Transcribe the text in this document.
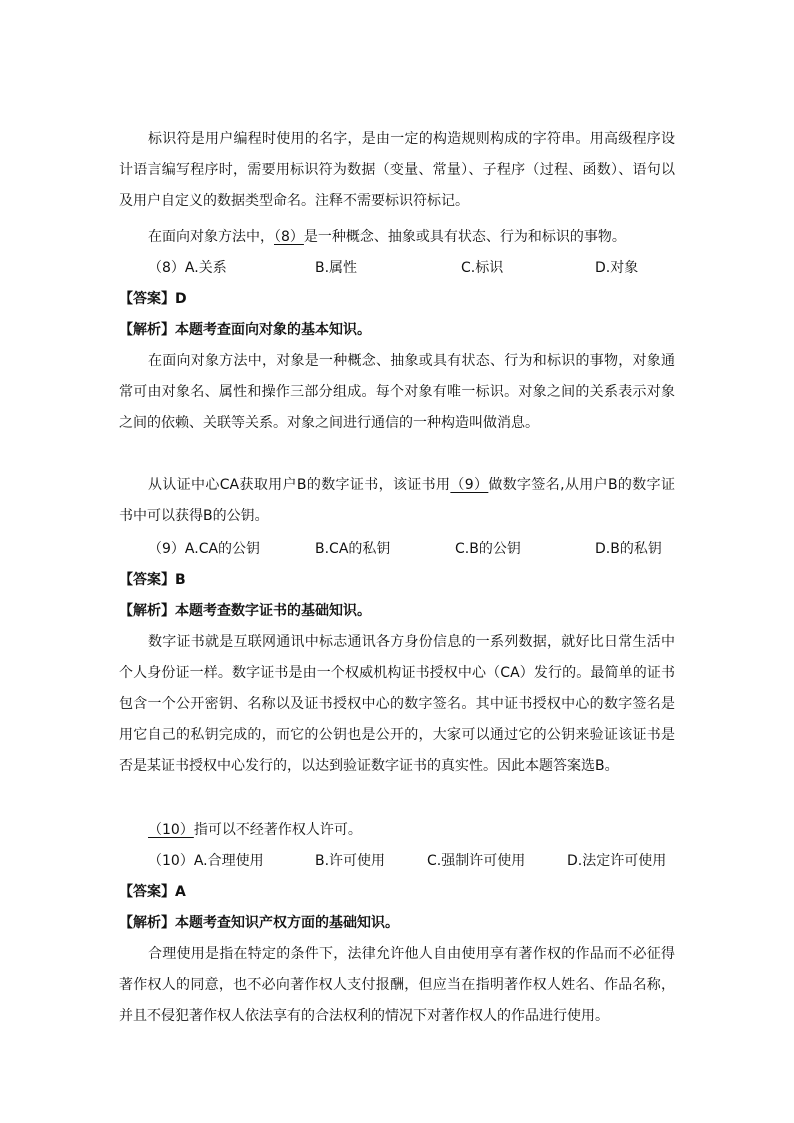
标识符是用户编程时使用的名字，是由一定的构造规则构成的字符串。用高级程序设计语言编写程序时，需要用标识符为数据（变量、常量）、子程序（过程、函数）、语句以及用户自定义的数据类型命名。注释不需要标识符标记。

在面向对象方法中，（8）是一种概念、抽象或具有状态、行为和标识的事物。
（8）A.关系	B.属性	C.标识	D.对象
【答案】D
【解析】本题考查面向对象的基本知识。

在面向对象方法中，对象是一种概念、抽象或具有状态、行为和标识的事物，对象通常可由对象名、属性和操作三部分组成。每个对象有唯一标识。对象之间的关系表示对象之间的依赖、关联等关系。对象之间进行通信的一种构造叫做消息。

从认证中心CA获取用户B的数字证书，该证书用（9）做数字签名,从用户B的数字证书中可以获得B的公钥。

（9）A.CA的公钥	B.CA的私钥	C.B的公钥	D.B的私钥
【答案】B
【解析】本题考查数字证书的基础知识。

数字证书就是互联网通讯中标志通讯各方身份信息的一系列数据，就好比日常生活中个人身份证一样。数字证书是由一个权威机构证书授权中心（CA）发行的。最简单的证书包含一个公开密钥、名称以及证书授权中心的数字签名。其中证书授权中心的数字签名是用它自己的私钥完成的，而它的公钥也是公开的，大家可以通过它的公钥来验证该证书是否是某证书授权中心发行的，以达到验证数字证书的真实性。因此本题答案选B。

（10）指可以不经著作权人许可。
（10）A.合理使用	B.许可使用	C.强制许可使用	D.法定许可使用
【答案】A
【解析】本题考查知识产权方面的基础知识。

合理使用是指在特定的条件下，法律允许他人自由使用享有著作权的作品而不必征得著作权人的同意，也不必向著作权人支付报酬，但应当在指明著作权人姓名、作品名称，并且不侵犯著作权人依法享有的合法权利的情况下对著作权人的作品进行使用。
